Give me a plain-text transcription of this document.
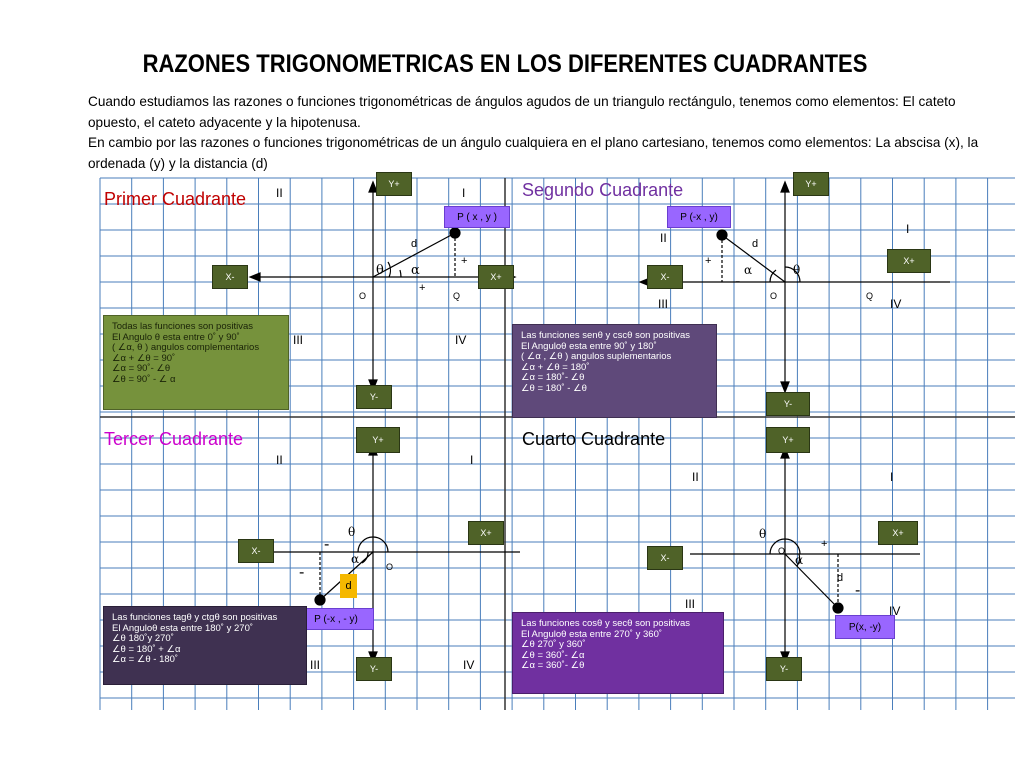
RAZONES TRIGONOMETRICAS EN LOS DIFERENTES CUADRANTES

Cuando estudiamos las razones o funciones trigonométricas de ángulos agudos de un triangulo rectángulo, tenemos como elementos: El cateto opuesto, el cateto adyacente y la hipotenusa.

En cambio por las razones o funciones trigonométricas de un ángulo cualquiera en el plano cartesiano, tenemos como elementos: La abscisa (x), la ordenada (y) y la distancia (d)

Primer Cuadrante	Segundo Cuadrante
Tercer Cuadrante	Cuarto Cuadrante
Y+
Y-
X-	X+
P ( x , y )
II	I
III	IV
d
θ α
+
+
O	Q
Todas las funciones son positivas
El Angulo θ esta entre 0˚ y 90˚
( ∠α, θ ) angulos complementarios
∠α + ∠θ = 90˚
∠α = 90˚- ∠θ
∠θ = 90˚ - ∠ α
Y+
Y-
X-
X+
P (-x , y)
II
I
III	IV
d
+
-
α	θ
O	Q
Las funciones senθ y cscθ son positivas
El Anguloθ esta entre 90˚ y 180˚
( ∠α , ∠θ ) angulos suplementarios
∠α + ∠θ = 180˚
∠α = 180˚- ∠θ
∠θ = 180˚ - ∠θ
Y+
Y-
X-
X+
P (-x , - y)
d
II	I
III	IV
θ
α
-
-	O
Las funciones tagθ y ctgθ son positivas
El Anguloθ esta entre 180˚ y 270˚
∠θ 180˚y 270˚
∠θ = 180˚ + ∠α
∠α = ∠θ - 180˚
Y+
Y-
X-
X+
P(x, -y)
II	I
III	IV
θ
α
+
-
d
O
Las funciones cosθ y secθ son positivas
El Anguloθ esta entre 270˚ y 360˚
∠θ 270˚ y 360˚
∠θ = 360˚- ∠α
∠α = 360˚- ∠θ
